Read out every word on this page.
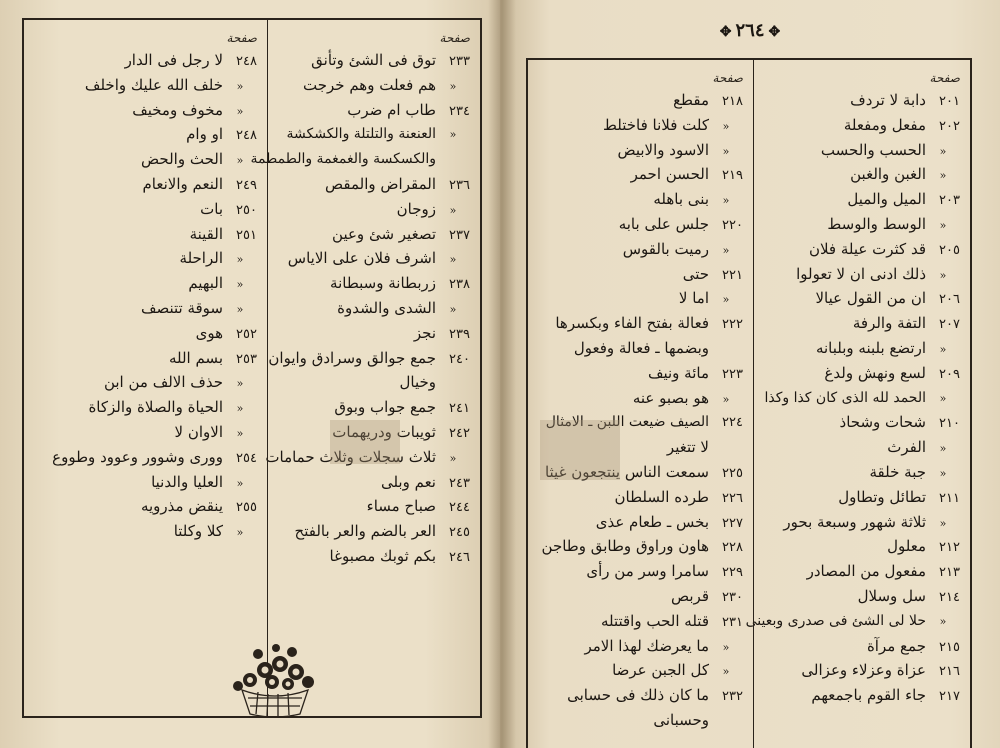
✥٢٦٤✥
صفحة
٢٣٣توق فى الشئ وتأنق
«هم فعلت وهم خرجت
٢٣٤طاب ام ضرب
«العنعنة والتلتلة والكشكشة
والكسكسة والغمغمة والطمطمة
٢٣٦المقراض والمقص
«زوجان
٢٣٧تصغير شئ وعين
«اشرف فلان على الاياس
٢٣٨زربطانة وسبطانة
«الشدى والشدوة
٢٣٩نجز
٢٤٠جمع جوالق وسرادق وايوان
وخيال
٢٤١جمع جواب وبوق
٢٤٢ثويبات ودريهمات
«ثلاث سجلات وثلاث حمامات
٢٤٣نعم وبلى
٢٤٤صباح مساء
٢٤٥العر بالضم والعر بالفتح
٢٤٦بكم ثوبك مصبوغا
صفحة
٢٤٨لا رجل فى الدار
«خلف الله عليك واخلف
«مخوف ومخيف
٢٤٨او وام
«الحث والحض
٢٤٩النعم والانعام
٢٥٠بات
٢٥١القينة
«الراحلة
«البهيم
«سوقة تتنصف
٢٥٢هوى
٢٥٣بسم الله
«حذف الالف من ابن
«الحياة والصلاة والزكاة
«الاوان لا
٢٥٤وورى وشوور وعوود وطووع
«العليا والدنيا
٢٥٥ينقض مذرويه
«كلا وكلتا
صفحة
٢٠١دابة لا تردف
٢٠٢مفعل ومفعلة
«الحسب والحسب
«الغبن والغبن
٢٠٣الميل والميل
«الوسط والوسط
٢٠٥قد كثرت عيلة فلان
«ذلك ادنى ان لا تعولوا
٢٠٦ان من القول عيالا
٢٠٧التفة والرفة
«ارتضع بلبنه وبلبانه
٢٠٩لسع ونهش ولدغ
«الحمد لله الذى كان كذا وكذا
٢١٠شحات وشحاذ
«الفرث
«جبة خلقة
٢١١تطائل وتطاول
«ثلاثة شهور وسبعة بحور
٢١٢معلول
٢١٣مفعول من المصادر
٢١٤سل وسلال
«حلا لى الشئ فى صدرى وبعينى
٢١٥جمع مرآة
٢١٦عزاة وعزلاء وعزالى
٢١٧جاء القوم باجمعهم
صفحة
٢١٨مقطع
«كلت فلانا فاختلط
«الاسود والابيض
٢١٩الحسن احمر
«بنى باهله
٢٢٠جلس على بابه
«رميت بالقوس
٢٢١حتى
«اما لا
٢٢٢فعالة بفتح الفاء وبكسرها
وبضمها ـ فعالة وفعول
٢٢٣مائة ونيف
«هو بصبو عنه
٢٢٤الصيف ضيعت اللبن ـ الامثال
لا تتغير
٢٢٥سمعت الناس ينتجعون غيثا
٢٢٦طرده السلطان
٢٢٧بخس ـ طعام عذى
٢٢٨هاون وراوق وطابق وطاجن
٢٢٩سامرا وسر من رأى
٢٣٠قربص
٢٣١قتله الحب واقتتله
«ما يعرضك لهذا الامر
«كل الجبن عرضا
٢٣٢ما كان ذلك فى حسابى
وحسبانى
